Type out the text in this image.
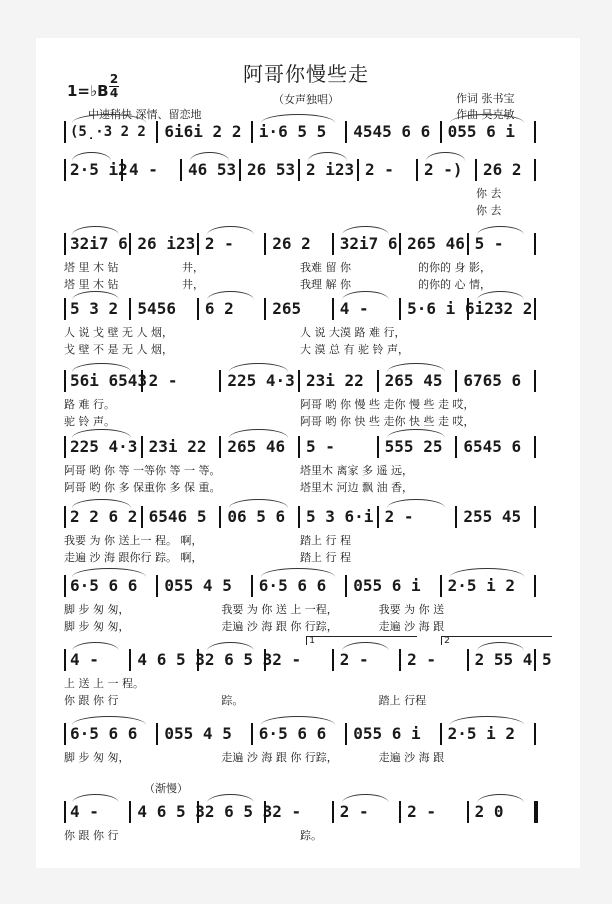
阿哥你慢些走
（女声独唱）
1=♭B
2
4
中速稍快 深情、留恋地
作词 张书宝
作曲 吴克敏
（渐慢）
(5̣·3 2 2	6i6i 2 2	i·6 5 5	4545 6 6	055 6 i
2·5 i2 4 -	46 53 26 53 2 i23 2 -	2 -)	26 2
你 去
你 去
32i7 6 26 i23 2 -	26 2	32i7 6 265 46 5 -
塔 里 木 钻	井，	我难 留 你	的你的 身 影，
塔 里 木 钻	井，	我理 解 你	的你的 心 情，
5 3 2	5456	6 2	265	4 -	5·6 i 6 i232 2
人 说 戈 壁 无 人 烟，	人 说 大漠 路 难 行，
戈 壁 不 是 无 人 烟，	大 漠 总 有 驼 铃 声，
56i 6543 2 -	225 4·3 23i 22	265 45	6765 6
路 难 行。	阿哥 哟 你 慢 些 走你 慢 些 走 哎，
驼 铃 声。	阿哥 哟 你 快 些 走你 快 些 走 哎，
225 4·3 23i 22	265 46	5 -	555 25	6545 6
阿哥 哟 你 等 一等你 等 一 等。	塔里木 离家 多 遥 远，
阿哥 哟 你 多 保重你 多 保 重。	塔里木 河边 飘 油 香，
2 2 6 2 6546 5	06 5 6	5 3 6·i 2 -	255 45
我要 为 你 送上一 程。 啊，	踏上 行 程
走遍 沙 海 跟你行 踪。 啊，	踏上 行 程
6·5 6 6	055 4 5	6·5 6 6	055 6 i	2·5 i 2
脚 步 匆 匆，	我要 为 你 送 上 一程，	我要 为 你 送
脚 步 匆 匆，	走遍 沙 海 跟 你 行踪，	走遍 沙 海 跟
4 -	4 6 5 3 2 6 5 3 2 -	2 -	2 -	2 55 4 5
1	2
上 送 上 一 程。
你 跟 你 行	踪。	踏上 行程
6·5 6 6	055 4 5	6·5 6 6	055 6 i	2·5 i 2
脚 步 匆 匆，	走遍 沙 海 跟 你 行踪，	走遍 沙 海 跟
4 -	4 6 5 3 2 6 5 3 2 -	2 -	2 -	2 0
你 跟 你 行	踪。
